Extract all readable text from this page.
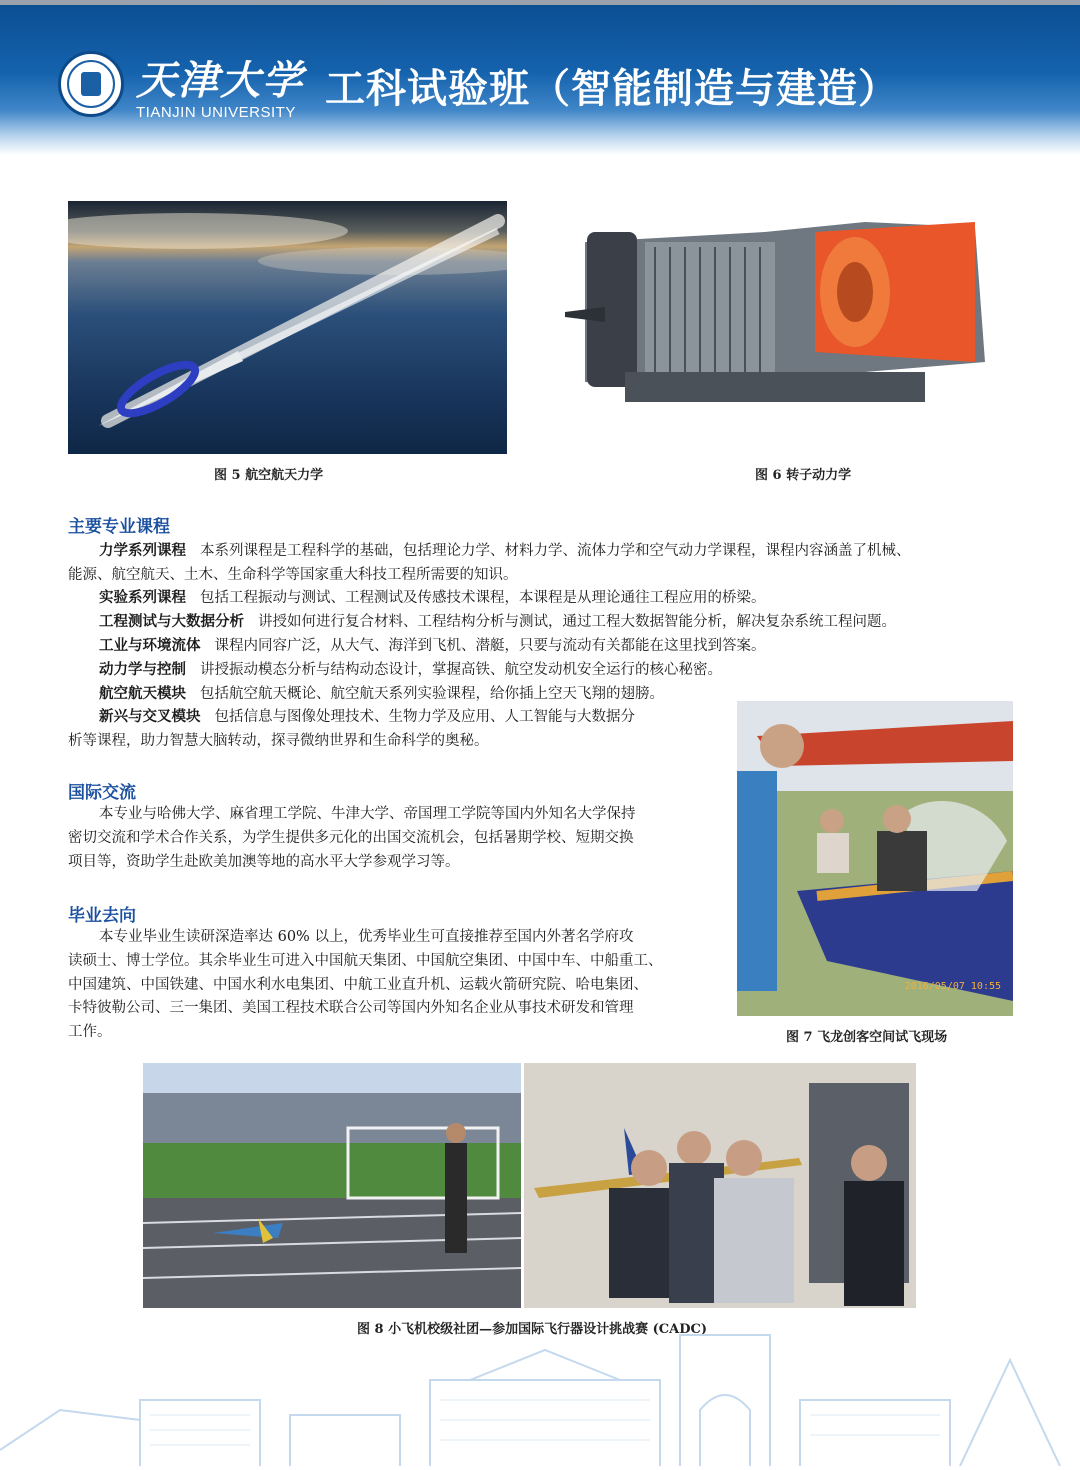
天津大学
TIANJIN UNIVERSITY
工科试验班（智能制造与建造）
图 5 航空航天力学	图 6 转子动力学
主要专业课程
力学系列课程 本系列课程是工程科学的基础，包括理论力学、材料力学、流体力学和空气动力学课程，课程内容涵盖了机械、
能源、航空航天、土木、生命科学等国家重大科技工程所需要的知识。
实验系列课程 包括工程振动与测试、工程测试及传感技术课程，本课程是从理论通往工程应用的桥梁。
工程测试与大数据分析 讲授如何进行复合材料、工程结构分析与测试，通过工程大数据智能分析，解决复杂系统工程问题。
工业与环境流体 课程内同容广泛，从大气、海洋到飞机、潜艇，只要与流动有关都能在这里找到答案。
动力学与控制 讲授振动模态分析与结构动态设计，掌握高铁、航空发动机安全运行的核心秘密。
航空航天模块 包括航空航天概论、航空航天系列实验课程，给你插上空天飞翔的翅膀。
新兴与交叉模块 包括信息与图像处理技术、生物力学及应用、人工智能与大数据分
析等课程，助力智慧大脑转动，探寻微纳世界和生命科学的奥秘。
2016/05/07 10:55
图 7 飞龙创客空间试飞现场
国际交流
本专业与哈佛大学、麻省理工学院、牛津大学、帝国理工学院等国内外知名大学保持
密切交流和学术合作关系，为学生提供多元化的出国交流机会，包括暑期学校、短期交换
项目等，资助学生赴欧美加澳等地的高水平大学参观学习等。
毕业去向
本专业毕业生读研深造率达 60% 以上，优秀毕业生可直接推荐至国内外著名学府攻
读硕士、博士学位。其余毕业生可进入中国航天集团、中国航空集团、中国中车、中船重工、
中国建筑、中国铁建、中国水利水电集团、中航工业直升机、运载火箭研究院、哈电集团、
卡特彼勒公司、三一集团、美国工程技术联合公司等国内外知名企业从事技术研发和管理
工作。
图 8 小飞机校级社团—参加国际飞行器设计挑战赛 (CADC)
